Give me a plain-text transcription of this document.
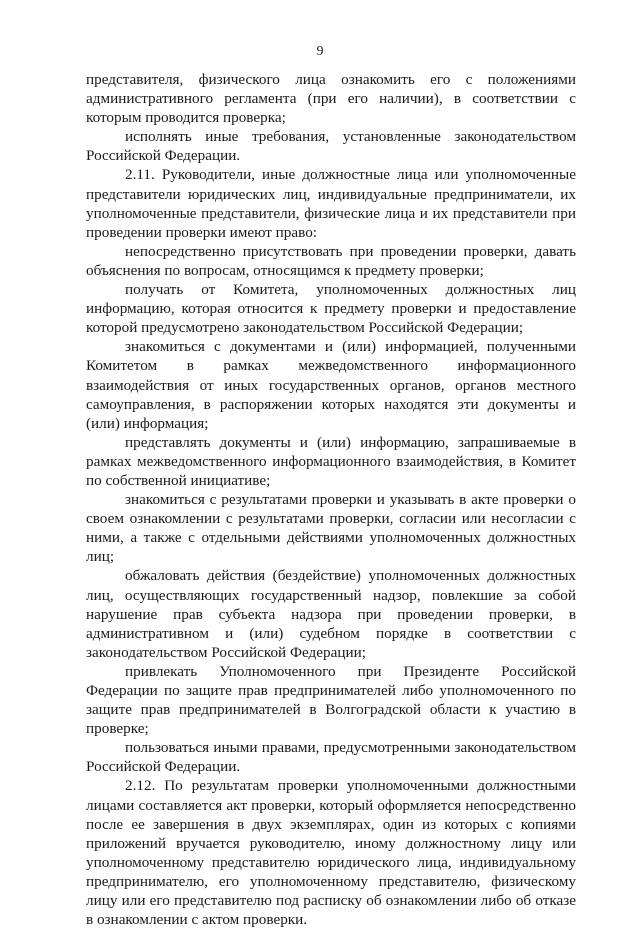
9

представителя, физического лица ознакомить его с положениями административного регламента (при его наличии), в соответствии с которым проводится проверка;

исполнять иные требования, установленные законодательством Российской Федерации.

2.11. Руководители, иные должностные лица или уполномоченные представители юридических лиц, индивидуальные предприниматели, их уполномоченные представители, физические лица и их представители при проведении проверки имеют право:

непосредственно присутствовать при проведении проверки, давать объяснения по вопросам, относящимся к предмету проверки;

получать от Комитета, уполномоченных должностных лиц информацию, которая относится к предмету проверки и предоставление которой предусмотрено законодательством Российской Федерации;

знакомиться с документами и (или) информацией, полученными Комитетом в рамках межведомственного информационного взаимодействия от иных государственных органов, органов местного самоуправления, в распоряжении которых находятся эти документы и (или) информация;

представлять документы и (или) информацию, запрашиваемые в рамках межведомственного информационного взаимодействия, в Комитет по собственной инициативе;

знакомиться с результатами проверки и указывать в акте проверки о своем ознакомлении с результатами проверки, согласии или несогласии с ними, а также с отдельными действиями уполномоченных должностных лиц;

обжаловать действия (бездействие) уполномоченных должностных лиц, осуществляющих государственный надзор, повлекшие за собой нарушение прав субъекта надзора при проведении проверки, в административном и (или) судебном порядке в соответствии с законодательством Российской Федерации;

привлекать Уполномоченного при Президенте Российской Федерации по защите прав предпринимателей либо уполномоченного по защите прав предпринимателей в Волгоградской области к участию в проверке;

пользоваться иными правами, предусмотренными законодательством Российской Федерации.

2.12. По результатам проверки уполномоченными должностными лицами составляется акт проверки, который оформляется непосредственно после ее завершения в двух экземплярах, один из которых с копиями приложений вручается руководителю, иному должностному лицу или уполномоченному представителю юридического лица, индивидуальному предпринимателю, его уполномоченному представителю, физическому лицу или его представителю под расписку об ознакомлении либо об отказе в ознакомлении с актом проверки.
